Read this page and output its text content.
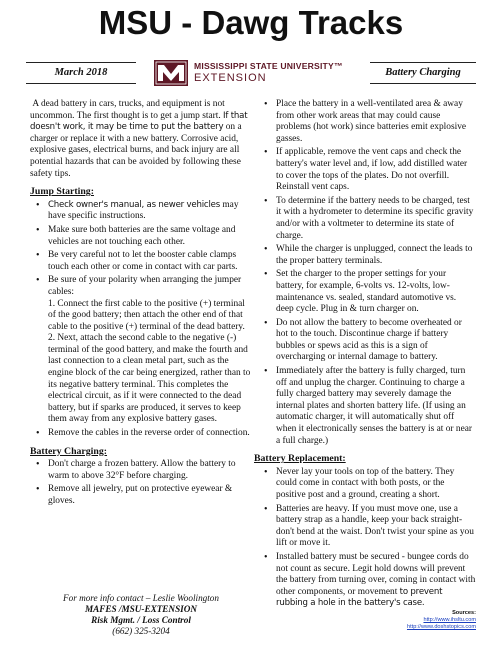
MSU - Dawg Tracks
March 2018
MISSISSIPPI STATE UNIVERSITY™
EXTENSION	Battery Charging

A dead battery in cars, trucks, and equipment is not uncommon. The first thought is to get a jump start. If that doesn't work, it may be time to put the battery on a charger or replace it with a new battery. Corrosive acid, explosive gases, electrical burns, and back injury are all potential hazards that can be avoided by following these safety tips.

Jump Starting:
• Check owner's manual, as newer vehicles may have specific instructions.
• Make sure both batteries are the same voltage and vehicles are not touching each other.
• Be very careful not to let the booster cable clamps touch each other or come in contact with car parts.
• Be sure of your polarity when arranging the jumper cables:
1. Connect the first cable to the positive (+) terminal of the good battery; then attach the other end of that cable to the positive (+) terminal of the dead battery.
2. Next, attach the second cable to the negative (-) terminal of the good battery, and make the fourth and last connection to a clean metal part, such as the engine block of the car being energized, rather than to its negative battery terminal. This completes the electrical circuit, as if it were connected to the dead battery, but if sparks are produced, it serves to keep them away from any explosive battery gases.
• Remove the cables in the reverse order of connection.
Battery Charging:
• Don't charge a frozen battery. Allow the battery to warm to above 32°F before charging.
• Remove all jewelry, put on protective eyewear & gloves.
• Place the battery in a well-ventilated area & away from other work areas that may could cause problems (hot work) since batteries emit explosive gasses.
• If applicable, remove the vent caps and check the battery's water level and, if low, add distilled water to cover the tops of the plates. Do not overfill. Reinstall vent caps.
• To determine if the battery needs to be charged, test it with a hydrometer to determine its specific gravity and/or with a voltmeter to determine its state of charge.
• While the charger is unplugged, connect the leads to the proper battery terminals.
• Set the charger to the proper settings for your battery, for example, 6-volts vs. 12-volts, low-maintenance vs. sealed, standard automotive vs. deep cycle. Plug in & turn charger on.
• Do not allow the battery to become overheated or hot to the touch. Discontinue charge if battery bubbles or spews acid as this is a sign of overcharging or internal damage to battery.
• Immediately after the battery is fully charged, turn off and unplug the charger. Continuing to charge a fully charged battery may severely damage the internal plates and shorten battery life. (If using an automatic charger, it will automatically shut off when it electronically senses the battery is at or near a full charge.)
Battery Replacement:
• Never lay your tools on top of the battery. They could come in contact with both posts, or the positive post and a ground, creating a short.
• Batteries are heavy. If you must move one, use a battery strap as a handle, keep your back straight-don't bend at the waist. Don't twist your spine as you lift or move it.
• Installed battery must be secured - bungee cords do not count as secure. Legit hold downs will prevent the battery from turning over, coming in contact with other components, or movement to prevent rubbing a hole in the battery's case.
For more info contact – Leslie Woolington
MAFES /MSU-EXTENSION
Risk Mgmt. / Loss Control
(662) 325-3204
Sources:
http://www.ihsltu.com
http://www.doshstopics.com
